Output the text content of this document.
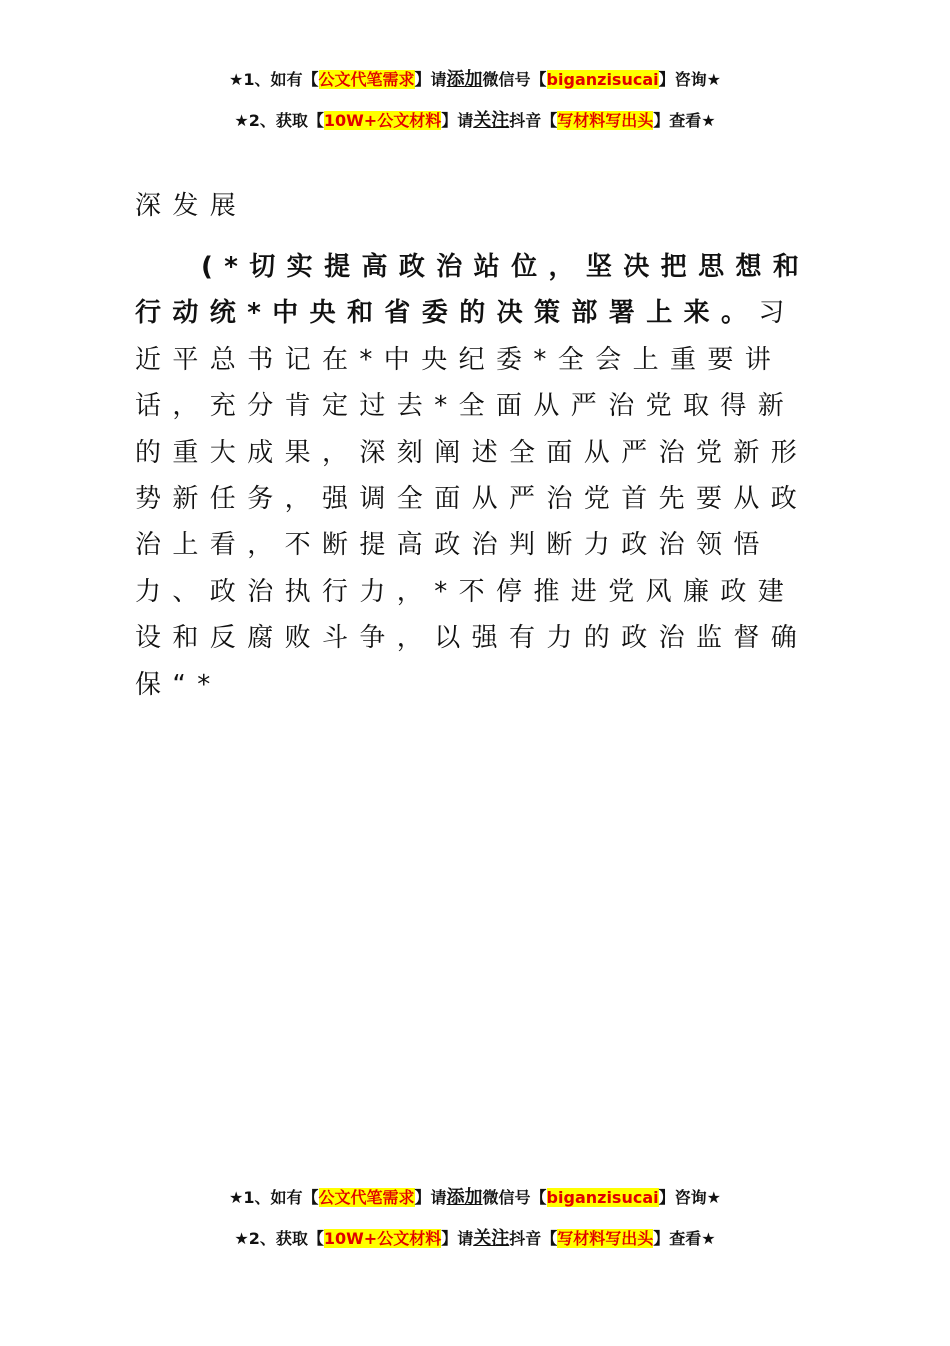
★1、如有【公文代笔需求】请添加微信号【biganzisucai】咨询★
★2、获取【10W+公文材料】请关注抖音【写材料写出头】查看★
深发展

(*切实提高政治站位，坚决把思想和行动统*中央和省委的决策部署上来。习近平总书记在*中央纪委*全会上重要讲话，充分肯定过去*全面从严治党取得新的重大成果，深刻阐述全面从严治党新形势新任务，强调全面从严治党首先要从政治上看，不断提高政治判断力政治领悟力、政治执行力，*不停推进党风廉政建设和反腐败斗争，以强有力的政治监督确保“*

★1、如有【公文代笔需求】请添加微信号【biganzisucai】咨询★
★2、获取【10W+公文材料】请关注抖音【写材料写出头】查看★
